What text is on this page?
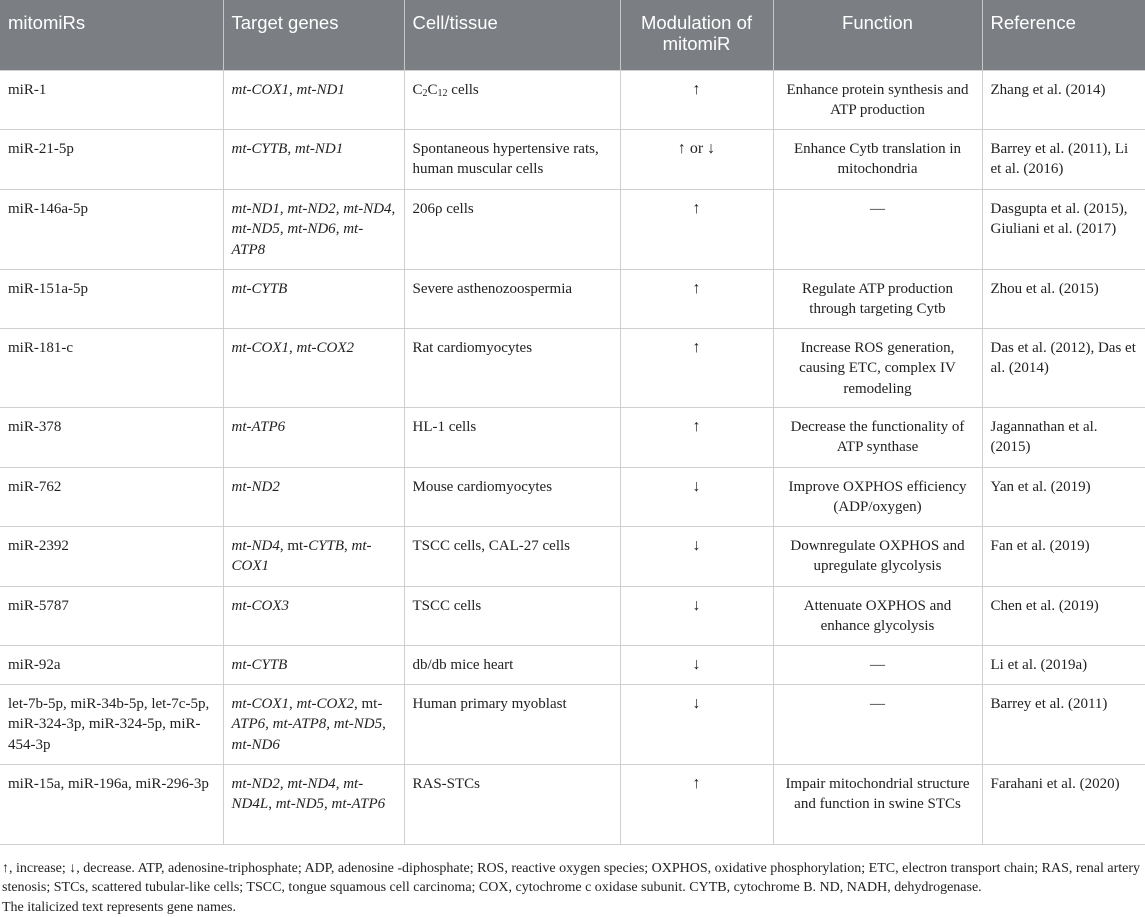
mitomiRs	Target genes	Cell/tissue	Modulation of mitomiR	Function	Reference
miR-1	mt-COX1, mt-ND1	$C_2C_{12}$ cells	↑	Enhance protein synthesis and ATP production	Zhang et al. (2014)
miR-21-5p	mt-CYTB, mt-ND1	Spontaneous hypertensive rats, human muscular cells	↑ or ↓	Enhance Cytb translation in mitochondria	Barrey et al. (2011), Li et al. (2016)
miR-146a-5p	mt-ND1, mt-ND2, mt-ND4, mt-ND5, mt-ND6, mt-ATP8	206ρ cells	↑	—	Dasgupta et al. (2015), Giuliani et al. (2017)
miR-151a-5p	mt-CYTB	Severe asthenozoospermia	↑	Regulate ATP production through targeting Cytb	Zhou et al. (2015)
miR-181-c	mt-COX1, mt-COX2	Rat cardiomyocytes	↑	Increase ROS generation, causing ETC, complex IV remodeling	Das et al. (2012), Das et al. (2014)
miR-378	mt-ATP6	HL-1 cells	↑	Decrease the functionality of ATP synthase	Jagannathan et al. (2015)
miR-762	mt-ND2	Mouse cardiomyocytes	↓	Improve OXPHOS efficiency (ADP/oxygen)	Yan et al. (2019)
miR-2392	mt-ND4, mt-CYTB, mt-COX1	TSCC cells, CAL-27 cells	↓	Downregulate OXPHOS and upregulate glycolysis	Fan et al. (2019)
miR-5787	mt-COX3	TSCC cells	↓	Attenuate OXPHOS and enhance glycolysis	Chen et al. (2019)
miR-92a	mt-CYTB	db/db mice heart	↓	—	Li et al. (2019a)
let-7b-5p, miR-34b-5p, let-7c-5p, miR-324-3p, miR-324-5p, miR-454-3p	mt-COX1, mt-COX2, mt-ATP6, mt-ATP8, mt-ND5, mt-ND6	Human primary myoblast	↓	—	Barrey et al. (2011)
miR-15a, miR-196a, miR-296-3p	mt-ND2, mt-ND4, mt-ND4L, mt-ND5, mt-ATP6	RAS-STCs	↑	Impair mitochondrial structure and function in swine STCs	Farahani et al. (2020)

↑, increase; ↓, decrease. ATP, adenosine-triphosphate; ADP, adenosine -diphosphate; ROS, reactive oxygen species; OXPHOS, oxidative phosphorylation; ETC, electron transport chain; RAS, renal artery stenosis; STCs, scattered tubular-like cells; TSCC, tongue squamous cell carcinoma; COX, cytochrome c oxidase subunit. CYTB, cytochrome B. ND, NADH, dehydrogenase.

The italicized text represents gene names.
